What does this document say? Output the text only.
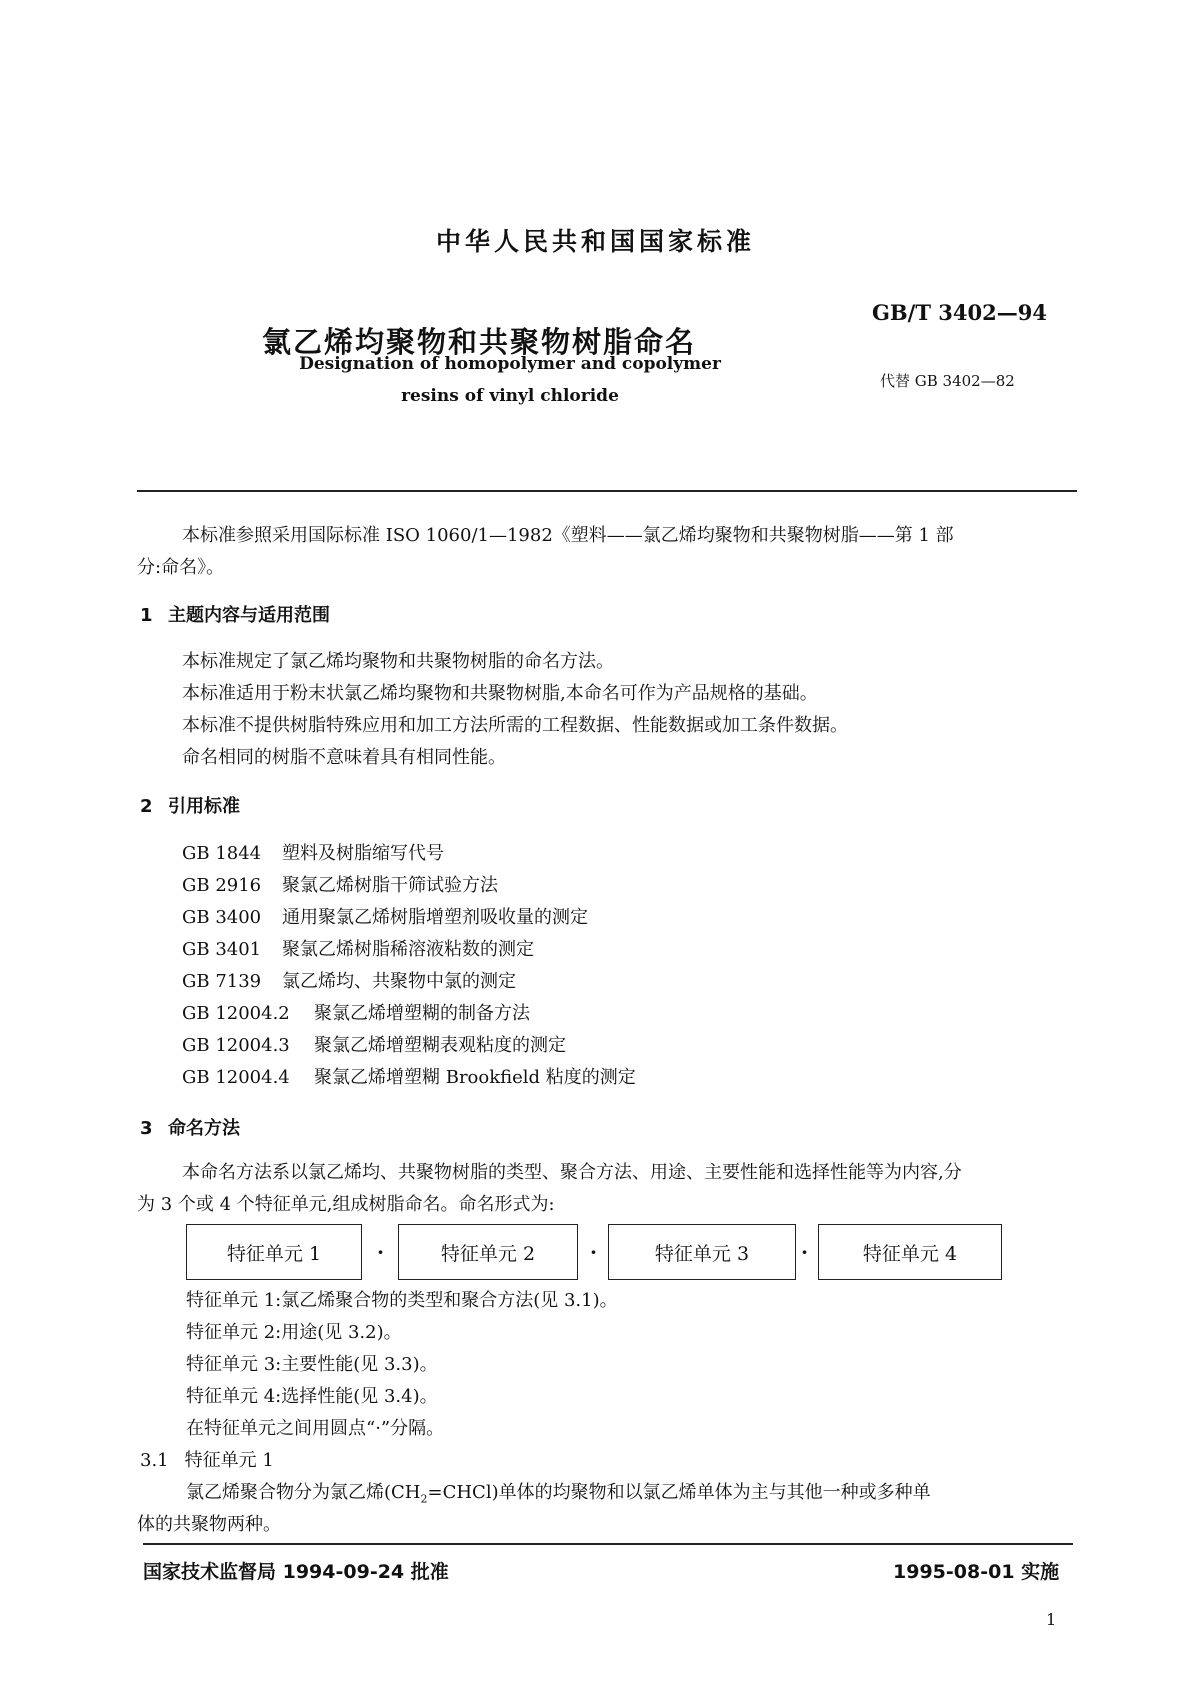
中华人民共和国国家标准
氯乙烯均聚物和共聚物树脂命名
GB/T 3402—94
代替 GB 3402—82
Designation of homopolymer and copolymer
resins of vinyl chloride
本标准参照采用国际标准 ISO 1060/1—1982《塑料——氯乙烯均聚物和共聚物树脂——第 1 部
分:命名》。
1 主题内容与适用范围
本标准规定了氯乙烯均聚物和共聚物树脂的命名方法。
本标准适用于粉末状氯乙烯均聚物和共聚物树脂,本命名可作为产品规格的基础。
本标准不提供树脂特殊应用和加工方法所需的工程数据、性能数据或加工条件数据。
命名相同的树脂不意味着具有相同性能。
2 引用标准
GB 1844 塑料及树脂缩写代号
GB 2916 聚氯乙烯树脂干筛试验方法
GB 3400 通用聚氯乙烯树脂增塑剂吸收量的测定
GB 3401 聚氯乙烯树脂稀溶液粘数的测定
GB 7139 氯乙烯均、共聚物中氯的测定
GB 12004.2 聚氯乙烯增塑糊的制备方法
GB 12004.3 聚氯乙烯增塑糊表观粘度的测定
GB 12004.4 聚氯乙烯增塑糊 Brookfield 粘度的测定
3 命名方法
本命名方法系以氯乙烯均、共聚物树脂的类型、聚合方法、用途、主要性能和选择性能等为内容,分
为 3 个或 4 个特征单元,组成树脂命名。命名形式为:
特征单元 1	·	特征单元 2	·	特征单元 3	·	特征单元 4
特征单元 1:氯乙烯聚合物的类型和聚合方法(见 3.1)。
特征单元 2:用途(见 3.2)。
特征单元 3:主要性能(见 3.3)。
特征单元 4:选择性能(见 3.4)。
在特征单元之间用圆点“·”分隔。
3.1 特征单元 1
氯乙烯聚合物分为氯乙烯$(CH_2=CHCl)$单体的均聚物和以氯乙烯单体为主与其他一种或多种单
体的共聚物两种。
国家技术监督局 1994-09-24 批准	1995-08-01 实施
1
